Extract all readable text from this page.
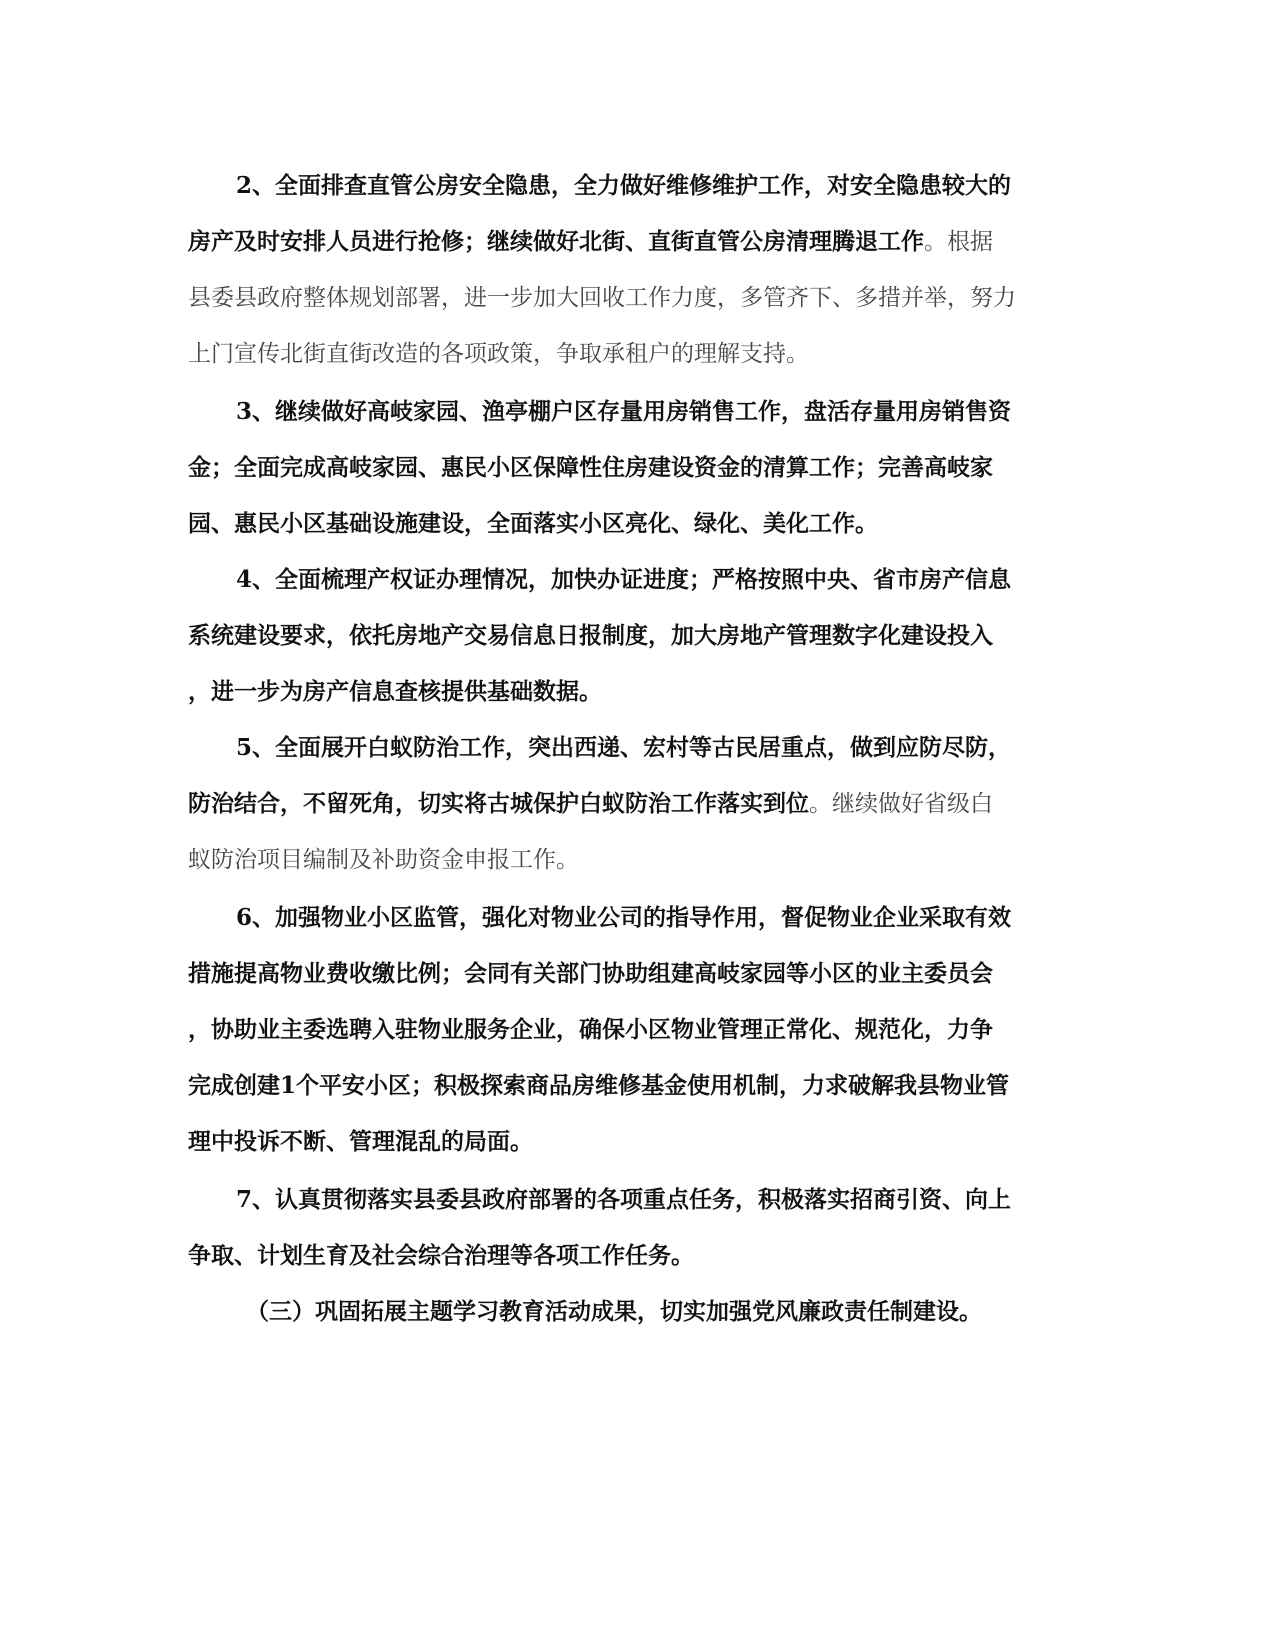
2、全面排查直管公房安全隐患，全力做好维修维护工作，对安全隐患较大的
房产及时安排人员进行抢修；继续做好北街、直街直管公房清理腾退工作。根据
县委县政府整体规划部署，进一步加大回收工作力度，多管齐下、多措并举，努力
上门宣传北街直街改造的各项政策，争取承租户的理解支持。
3、继续做好高岐家园、渔亭棚户区存量用房销售工作，盘活存量用房销售资
金；全面完成高岐家园、惠民小区保障性住房建设资金的清算工作；完善高岐家
园、惠民小区基础设施建设，全面落实小区亮化、绿化、美化工作。
4、全面梳理产权证办理情况，加快办证进度；严格按照中央、省市房产信息
系统建设要求，依托房地产交易信息日报制度，加大房地产管理数字化建设投入
，进一步为房产信息查核提供基础数据。
5、全面展开白蚁防治工作，突出西递、宏村等古民居重点，做到应防尽防，
防治结合，不留死角，切实将古城保护白蚁防治工作落实到位。继续做好省级白
蚁防治项目编制及补助资金申报工作。
6、加强物业小区监管，强化对物业公司的指导作用，督促物业企业采取有效
措施提高物业费收缴比例；会同有关部门协助组建高岐家园等小区的业主委员会
，协助业主委选聘入驻物业服务企业，确保小区物业管理正常化、规范化，力争
完成创建1个平安小区；积极探索商品房维修基金使用机制，力求破解我县物业管
理中投诉不断、管理混乱的局面。
7、认真贯彻落实县委县政府部署的各项重点任务，积极落实招商引资、向上
争取、计划生育及社会综合治理等各项工作任务。
（三）巩固拓展主题学习教育活动成果，切实加强党风廉政责任制建设。
